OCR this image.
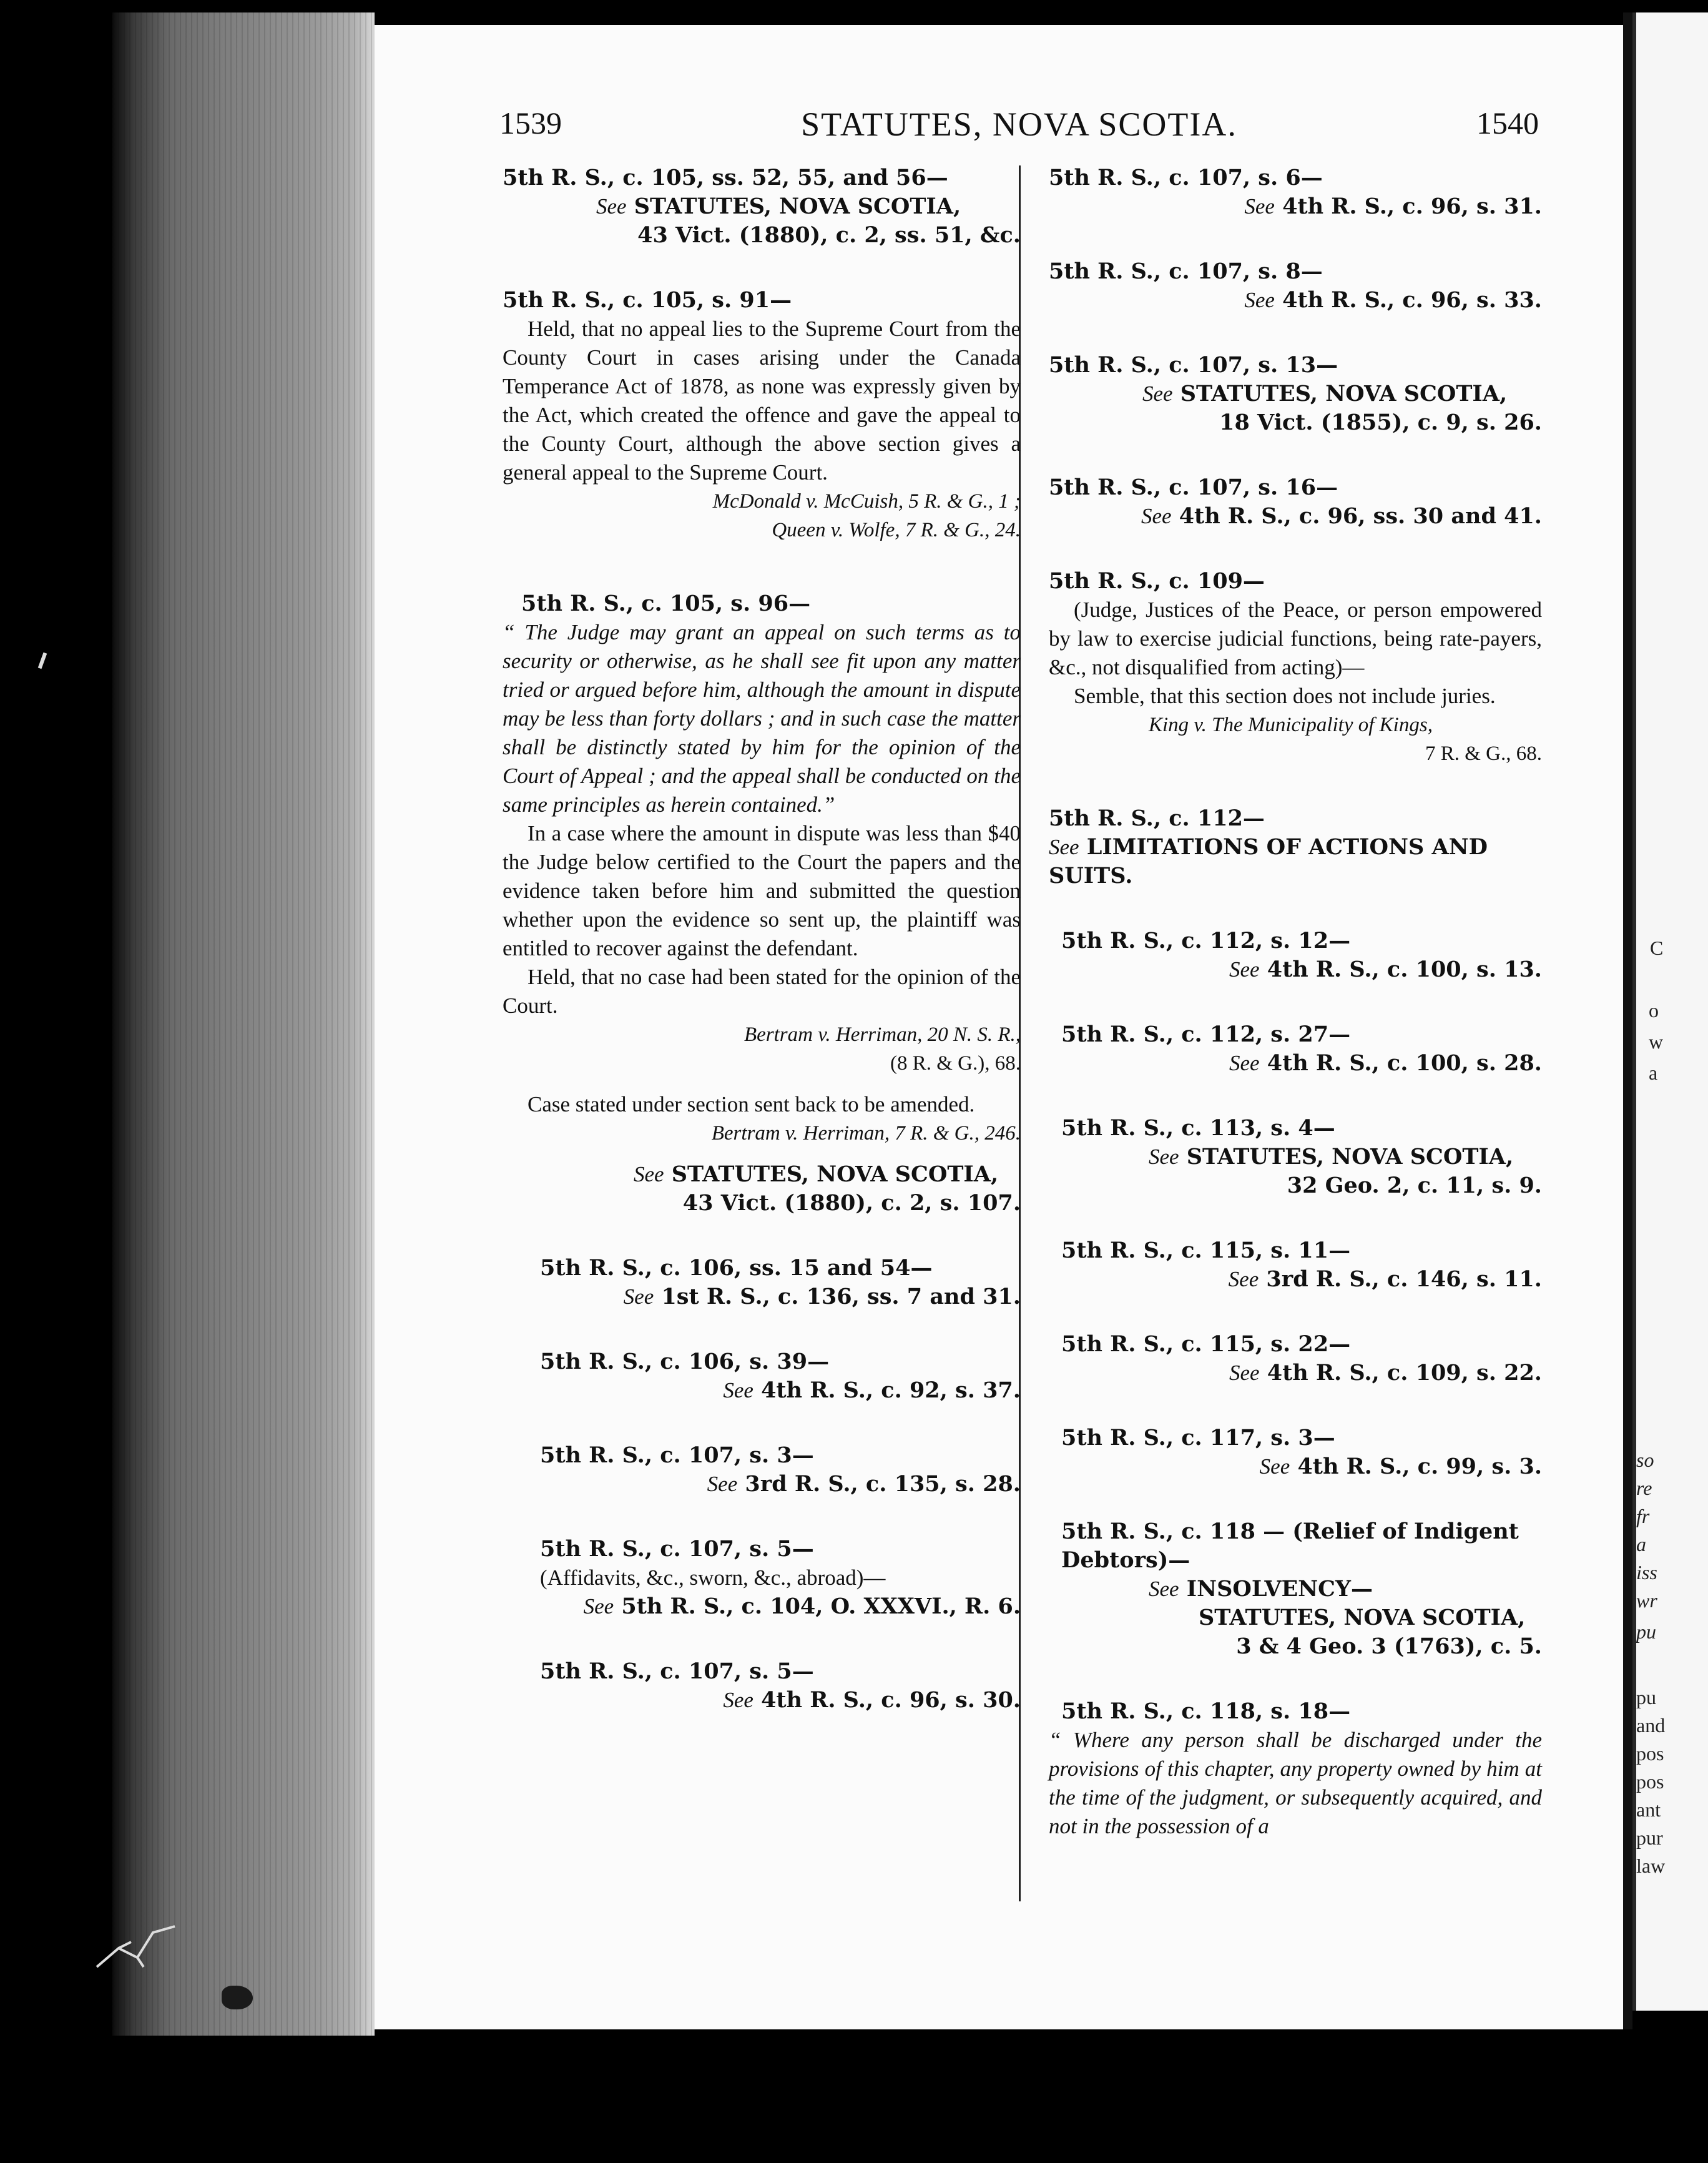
C
o
w
a
so
re
fr
a
iss
wr
pu
pu
and
pos
pos
ant
pur
law
1539	STATUTES, NOVA SCOTIA.	1540
5th R. S., c. 105, ss. 52, 55, and 56—
See STATUTES, NOVA SCOTIA,
43 Vict. (1880), c. 2, ss. 51, &c.
5th R. S., c. 105, s. 91—
Held, that no appeal lies to the Supreme Court from the County Court in cases arising under the Canada Temperance Act of 1878, as none was expressly given by the Act, which created the offence and gave the appeal to the County Court, although the above section gives a general appeal to the Supreme Court.
McDonald v. McCuish, 5 R. & G., 1 ;
Queen v. Wolfe, 7 R. & G., 24.
5th R. S., c. 105, s. 96—
“ The Judge may grant an appeal on such terms as to security or otherwise, as he shall see fit upon any matter tried or argued before him, although the amount in dispute may be less than forty dollars ; and in such case the matter shall be distinctly stated by him for the opinion of the Court of Appeal ; and the appeal shall be conducted on the same principles as herein contained.”
In a case where the amount in dispute was less than $40 the Judge below certified to the Court the papers and the evidence taken before him and submitted the question whether upon the evidence so sent up, the plaintiff was entitled to recover against the defendant.
Held, that no case had been stated for the opinion of the Court.
Bertram v. Herriman, 20 N. S. R.,
(8 R. & G.), 68.
Case stated under section sent back to be amended.
Bertram v. Herriman, 7 R. & G., 246.
See STATUTES, NOVA SCOTIA,
43 Vict. (1880), c. 2, s. 107.
5th R. S., c. 106, ss. 15 and 54—
See 1st R. S., c. 136, ss. 7 and 31.
5th R. S., c. 106, s. 39—
See 4th R. S., c. 92, s. 37.
5th R. S., c. 107, s. 3—
See 3rd R. S., c. 135, s. 28.
5th R. S., c. 107, s. 5—
(Affidavits, &c., sworn, &c., abroad)—
See 5th R. S., c. 104, O. XXXVI., R. 6.
5th R. S., c. 107, s. 5—
See 4th R. S., c. 96, s. 30.
5th R. S., c. 107, s. 6—
See 4th R. S., c. 96, s. 31.
5th R. S., c. 107, s. 8—
See 4th R. S., c. 96, s. 33.
5th R. S., c. 107, s. 13—
See STATUTES, NOVA SCOTIA,
18 Vict. (1855), c. 9, s. 26.
5th R. S., c. 107, s. 16—
See 4th R. S., c. 96, ss. 30 and 41.
5th R. S., c. 109—
(Judge, Justices of the Peace, or person empowered by law to exercise judicial functions, being rate-payers, &c., not disqualified from acting)—
Semble, that this section does not include juries.
King v. The Municipality of Kings,
7 R. & G., 68.
5th R. S., c. 112—
See LIMITATIONS OF ACTIONS AND SUITS.
5th R. S., c. 112, s. 12—
See 4th R. S., c. 100, s. 13.
5th R. S., c. 112, s. 27—
See 4th R. S., c. 100, s. 28.
5th R. S., c. 113, s. 4—
See STATUTES, NOVA SCOTIA,
32 Geo. 2, c. 11, s. 9.
5th R. S., c. 115, s. 11—
See 3rd R. S., c. 146, s. 11.
5th R. S., c. 115, s. 22—
See 4th R. S., c. 109, s. 22.
5th R. S., c. 117, s. 3—
See 4th R. S., c. 99, s. 3.
5th R. S., c. 118 — (Relief of Indigent Debtors)—
See INSOLVENCY—
STATUTES, NOVA SCOTIA,
3 & 4 Geo. 3 (1763), c. 5.
5th R. S., c. 118, s. 18—
“ Where any person shall be discharged under the provisions of this chapter, any property owned by him at the time of the judgment, or subsequently acquired, and not in the possession of a
